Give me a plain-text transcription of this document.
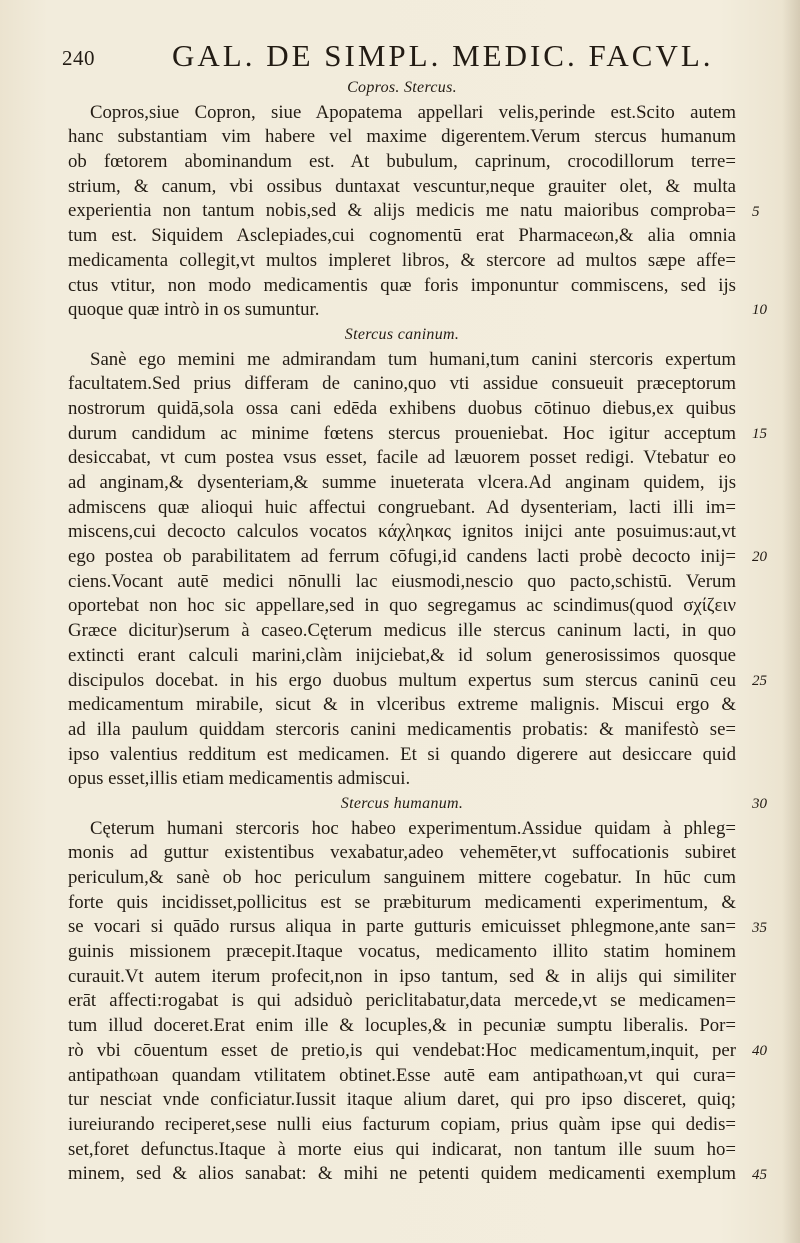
240 GAL. DE SIMPL. MEDIC. FACVL.
Copros. Stercus.
Copros,siue Copron, siue Apopatema appellari velis,perinde est.Scito autem
hanc substantiam vim habere vel maxime digerentem.Verum stercus humanum
ob fœtorem abominandum est. At bubulum, caprinum, crocodillorum terre=
strium, & canum, vbi ossibus duntaxat vescuntur,neque grauiter olet, & multa
experientia non tantum nobis,sed & alijs medicis me natu maioribus comproba=
tum est. Siquidem Asclepiades,cui cognomentū erat Pharmaceωn,& alia omnia
medicamenta collegit,vt multos impleret libros, & stercore ad multos sæpe affe=
ctus vtitur, non modo medicamentis quæ foris imponuntur commiscens, sed ijs
quoque quæ intrò in os sumuntur.
Stercus caninum.
Sanè ego memini me admirandam tum humani,tum canini stercoris expertum
facultatem.Sed prius differam de canino,quo vti assidue consueuit præceptorum
nostrorum quidā,sola ossa cani edēda exhibens duobus cōtinuo diebus,ex quibus
durum candidum ac minime fœtens stercus proueniebat. Hoc igitur acceptum
desiccabat, vt cum postea vsus esset, facile ad læuorem posset redigi. Vtebatur eo
ad anginam,& dysenteriam,& summe inueterata vlcera.Ad anginam quidem, ijs
admiscens quæ alioqui huic affectui congruebant. Ad dysenteriam, lacti illi im=
miscens,cui decocto calculos vocatos κάχληκας ignitos inijci ante posuimus:aut,vt
ego postea ob parabilitatem ad ferrum cōfugi,id candens lacti probè decocto inij=
ciens.Vocant autē medici nōnulli lac eiusmodi,nescio quo pacto,schistū. Verum
oportebat non hoc sic appellare,sed in quo segregamus ac scindimus(quod σχίζειν
Græce dicitur)serum à caseo.Cęterum medicus ille stercus caninum lacti, in quo
extincti erant calculi marini,clàm inijciebat,& id solum generosissimos quosque
discipulos docebat. in his ergo duobus multum expertus sum stercus caninū ceu
medicamentum mirabile, sicut & in vlceribus extreme malignis. Miscui ergo &
ad illa paulum quiddam stercoris canini medicamentis probatis: & manifestò se=
ipso valentius redditum est medicamen. Et si quando digerere aut desiccare quid
opus esset,illis etiam medicamentis admiscui.
Stercus humanum.
Cęterum humani stercoris hoc habeo experimentum.Assidue quidam à phleg=
monis ad guttur existentibus vexabatur,adeo vehemēter,vt suffocationis subiret
periculum,& sanè ob hoc periculum sanguinem mittere cogebatur. In hūc cum
forte quis incidisset,pollicitus est se præbiturum medicamenti experimentum, &
se vocari si quādo rursus aliqua in parte gutturis emicuisset phlegmone,ante san=
guinis missionem præcepit.Itaque vocatus, medicamento illito statim hominem
curauit.Vt autem iterum profecit,non in ipso tantum, sed & in alijs qui similiter
erāt affecti:rogabat is qui adsiduò periclitabatur,data mercede,vt se medicamen=
tum illud doceret.Erat enim ille & locuples,& in pecuniæ sumptu liberalis. Por=
rò vbi cōuentum esset de pretio,is qui vendebat:Hoc medicamentum,inquit, per
antipathωan quandam vtilitatem obtinet.Esse autē eam antipathωan,vt qui cura=
tur nesciat vnde conficiatur.Iussit itaque alium daret, qui pro ipso disceret, quiq;
iureiurando reciperet,sese nulli eius facturum copiam, prius quàm ipse qui dedis=
set,foret defunctus.Itaque à morte eius qui indicarat, non tantum ille suum ho=
minem, sed & alios sanabat: & mihi ne petenti quidem medicamenti exemplum
5
10
15
20
25
30
35
40
45
